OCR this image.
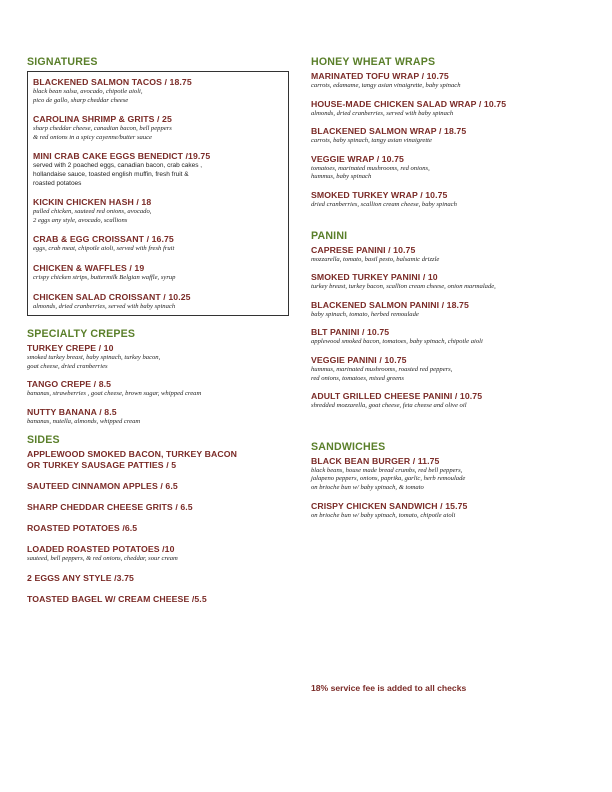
SIGNATURES
BLACKENED SALMON TACOS / 18.75
black bean salsa, avocado, chipotle aioli,
pico de gallo, sharp cheddar cheese
CAROLINA SHRIMP & GRITS / 25
sharp cheddar cheese, canadian bacon, bell peppers
& red onions in a spicy cayenne/butter sauce
MINI CRAB CAKE EGGS BENEDICT /19.75
served with 2 poached eggs, canadian bacon, crab cakes ,
hollandaise sauce, toasted english muffin, fresh fruit &
roasted potatoes
KICKIN CHICKEN HASH / 18
pulled chicken, sauteed red onions, avocado,
2 eggs any style, avocado, scallions
CRAB & EGG CROISSANT / 16.75
eggs, crab meat, chipotle aioli, served with fresh fruit
CHICKEN & WAFFLES / 19
crispy chicken strips, buttermilk Belgian waffle, syrup
CHICKEN SALAD CROISSANT / 10.25
almonds, dried cranberries, served with baby spinach
SPECIALTY CREPES
TURKEY CREPE / 10
smoked turkey breast, baby spinach, turkey bacon,
goat cheese, dried cranberries
TANGO CREPE / 8.5
bananas, strawberries , goat cheese, brown sugar, whipped cream
NUTTY BANANA / 8.5
bananas, nutella, almonds, whipped cream
SIDES
APPLEWOOD SMOKED BACON, TURKEY BACON
OR TURKEY SAUSAGE PATTIES / 5
SAUTEED CINNAMON APPLES / 6.5
SHARP CHEDDAR CHEESE GRITS / 6.5
ROASTED POTATOES /6.5
LOADED ROASTED POTATOES /10
sauteed, bell peppers, & red onions, cheddar, sour cream
2 EGGS ANY STYLE /3.75
TOASTED BAGEL W/ CREAM CHEESE /5.5
HONEY WHEAT WRAPS
MARINATED TOFU WRAP / 10.75
carrots, edamame, tangy asian vinaigrette, baby spinach
HOUSE-MADE CHICKEN SALAD WRAP / 10.75
almonds, dried cranberries, served with baby spinach
BLACKENED SALMON WRAP / 18.75
carrots, baby spinach, tangy asian vinaigrette
VEGGIE WRAP / 10.75
tomatoes, marinated mushrooms, red onions,
hummus, baby spinach
SMOKED TURKEY WRAP / 10.75
dried cranberries, scallion cream cheese, baby spinach
PANINI
CAPRESE PANINI / 10.75
mozzarella, tomato, basil pesto, balsamic drizzle
SMOKED TURKEY PANINI / 10
turkey breast, turkey bacon, scallion cream cheese, onion marmalade,
BLACKENED SALMON PANINI / 18.75
baby spinach, tomato, herbed remoulade
BLT PANINI / 10.75
applewood smoked bacon, tomatoes, baby spinach, chipotle aioli
VEGGIE PANINI / 10.75
hummus, marinated mushrooms, roasted red peppers,
red onions, tomatoes, mixed greens
ADULT GRILLED CHEESE PANINI / 10.75
shredded mozzarella, goat cheese, feta cheese and olive oil
SANDWICHES
BLACK BEAN BURGER / 11.75
black beans, house made bread crumbs, red bell peppers,
jalapeno peppers, onions, paprika, garlic, herb remoulade
on brioche bun w/ baby spinach, & tomato
CRISPY CHICKEN SANDWICH / 15.75
on brioche bun w/ baby spinach, tomato, chipotle aioli
18% service fee is added to all checks
